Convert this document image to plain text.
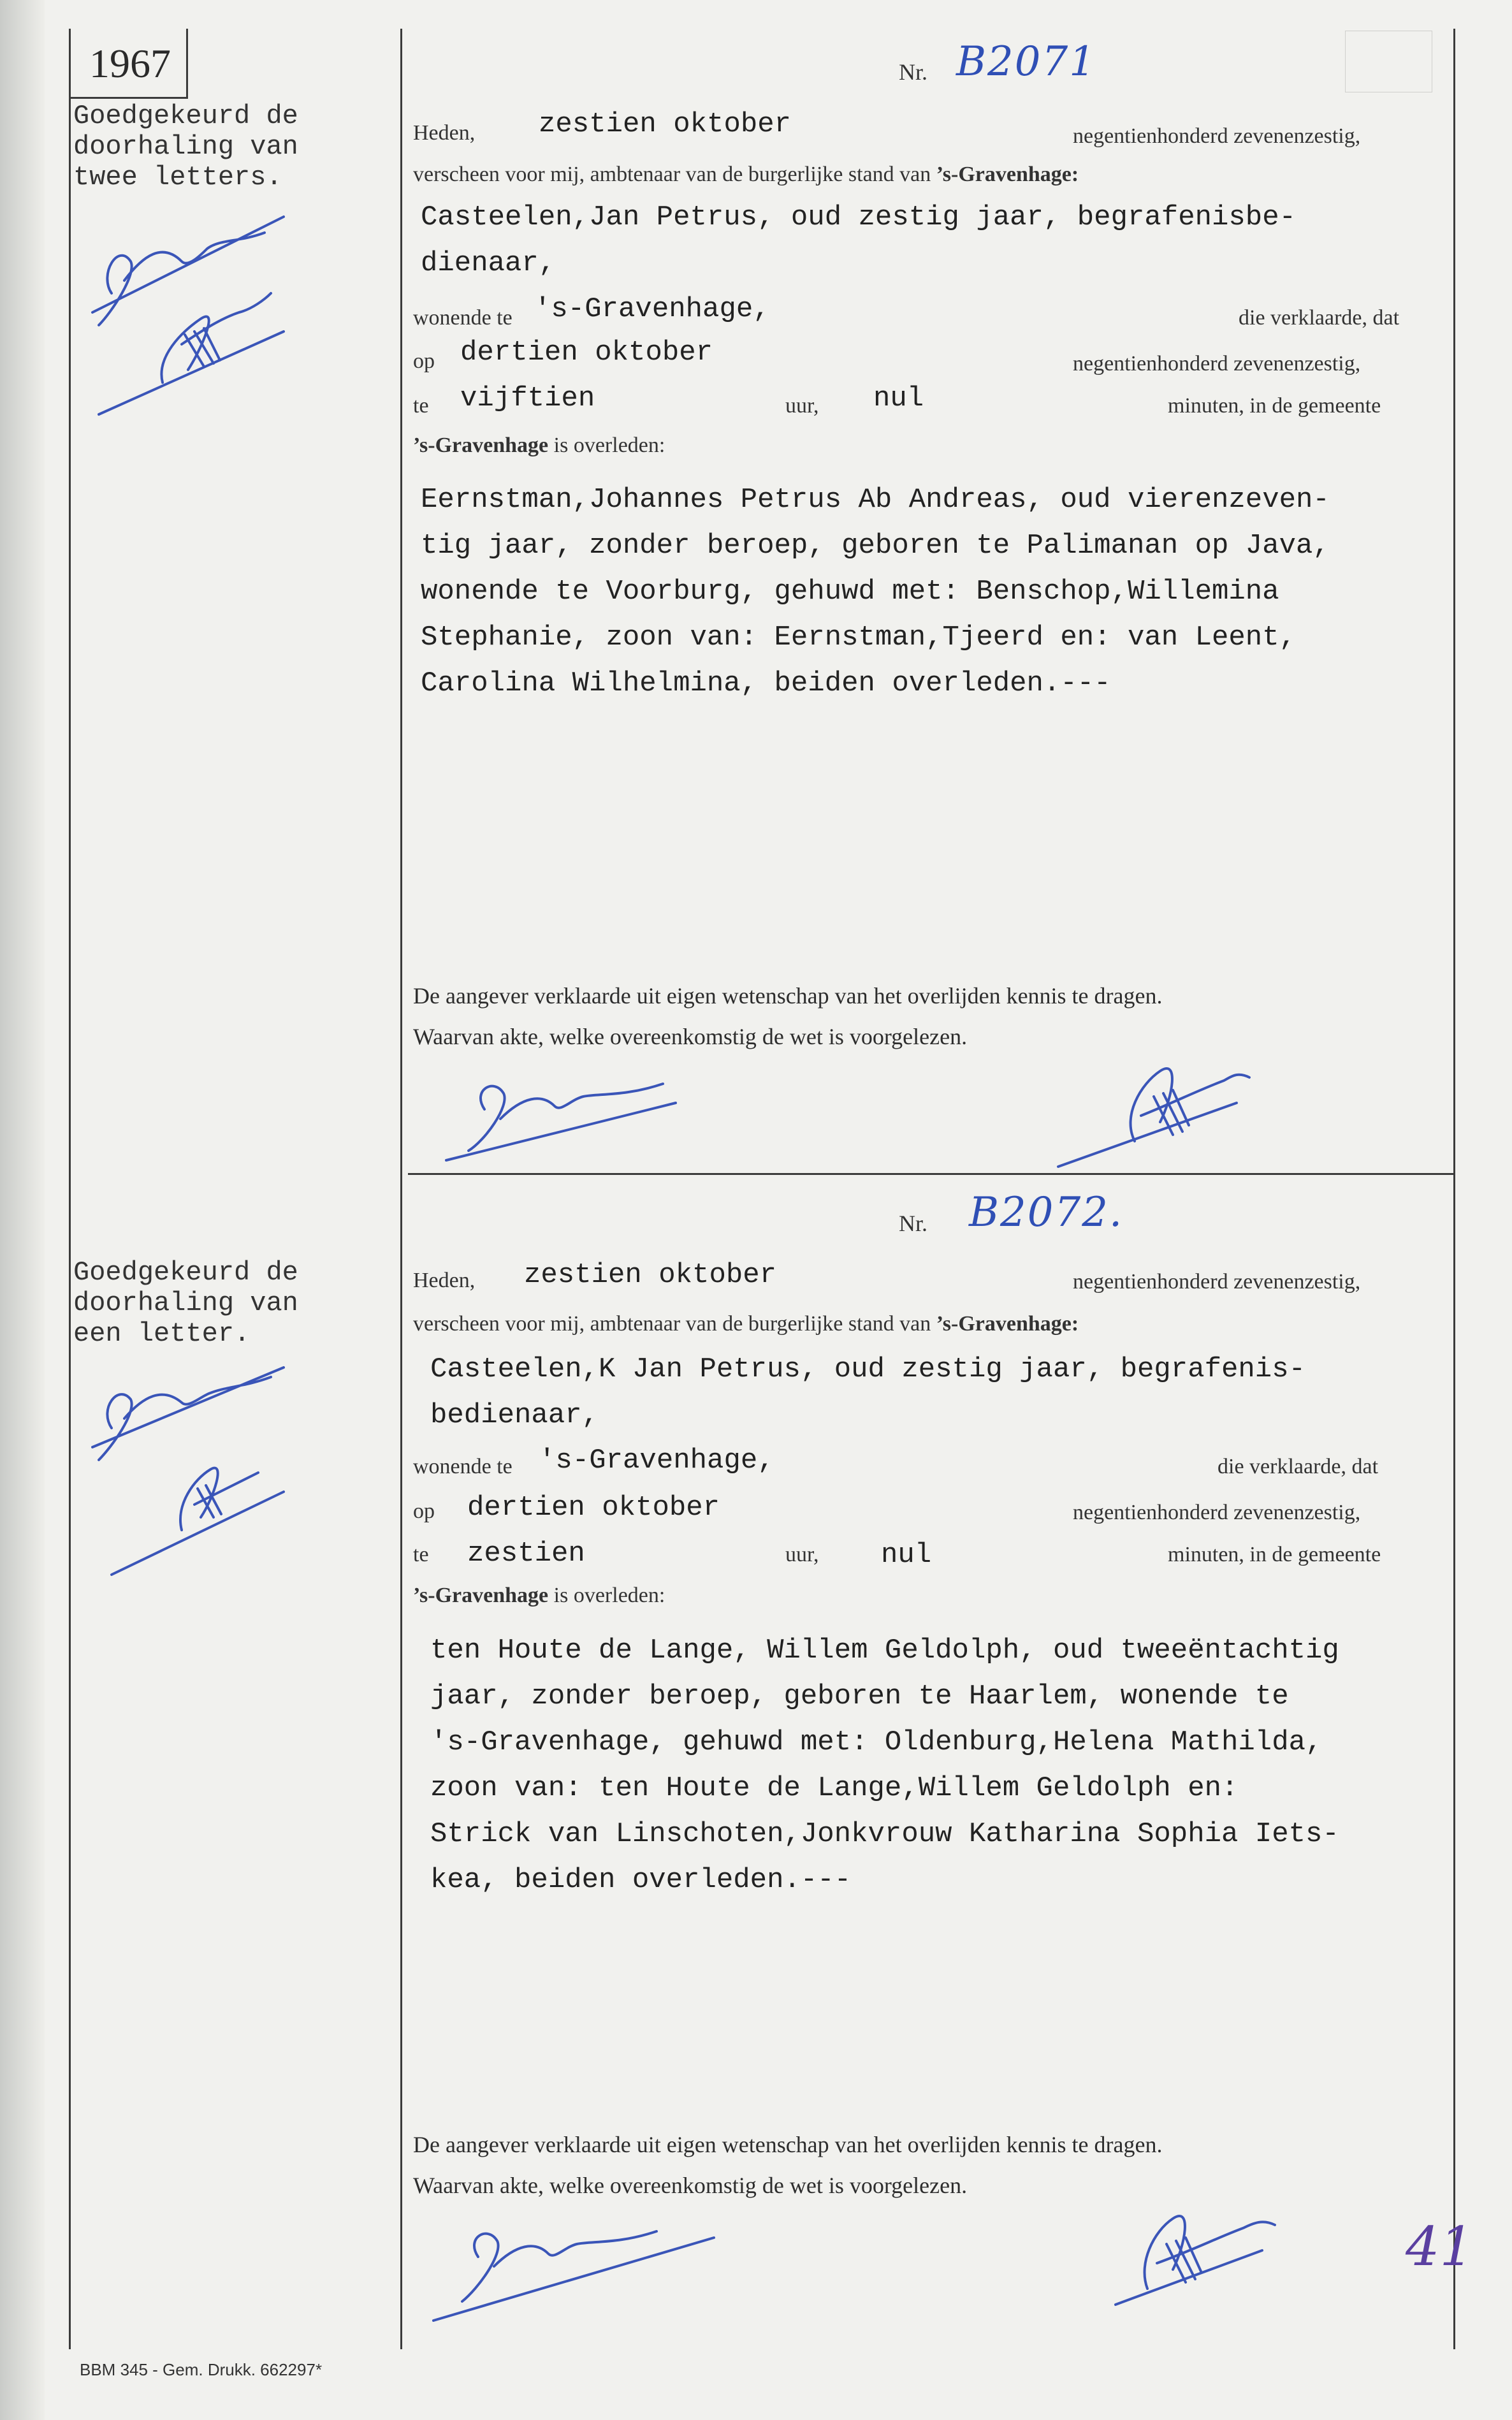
1967

Goedgekeurd de
doorhaling van
twee letters.
Nr. B2071
Heden, zestien oktober	negentienhonderd zevenenzestig,
verscheen voor mij, ambtenaar van de burgerlijke stand van ’s-Gravenhage:
Casteelen,Jan Petrus, oud zestig jaar, begrafenisbe-
dienaar,
wonende te 's-Gravenhage,	die verklaarde, dat
op dertien oktober	negentienhonderd zevenenzestig,
te vijftien	uur, nul	minuten, in de gemeente
’s-Gravenhage is overleden:
Eernstman,Johannes Petrus Ab Andreas, oud vierenzeven-
tig jaar, zonder beroep, geboren te Palimanan op Java,
wonende te Voorburg, gehuwd met: Benschop,Willemina
Stephanie, zoon van: Eernstman,Tjeerd en: van Leent,
Carolina Wilhelmina, beiden overleden.---
De aangever verklaarde uit eigen wetenschap van het overlijden kennis te dragen.
Waarvan akte, welke overeenkomstig de wet is voorgelezen.
Goedgekeurd de
doorhaling van
een letter.
Nr. B2072.
Heden, zestien oktober	negentienhonderd zevenenzestig,
verscheen voor mij, ambtenaar van de burgerlijke stand van ’s-Gravenhage:
Casteelen,K Jan Petrus, oud zestig jaar, begrafenis-
bedienaar,
wonende te 's-Gravenhage,	die verklaarde, dat
op dertien oktober	negentienhonderd zevenenzestig,
te zestien	uur, nul	minuten, in de gemeente
’s-Gravenhage is overleden:
ten Houte de Lange, Willem Geldolph, oud tweeëntachtig
jaar, zonder beroep, geboren te Haarlem, wonende te
's-Gravenhage, gehuwd met: Oldenburg,Helena Mathilda,
zoon van: ten Houte de Lange,Willem Geldolph en:
Strick van Linschoten,Jonkvrouw Katharina Sophia Iets-
kea, beiden overleden.---
De aangever verklaarde uit eigen wetenschap van het overlijden kennis te dragen.
Waarvan akte, welke overeenkomstig de wet is voorgelezen.
41
BBM 345 - Gem. Drukk. 662297*
